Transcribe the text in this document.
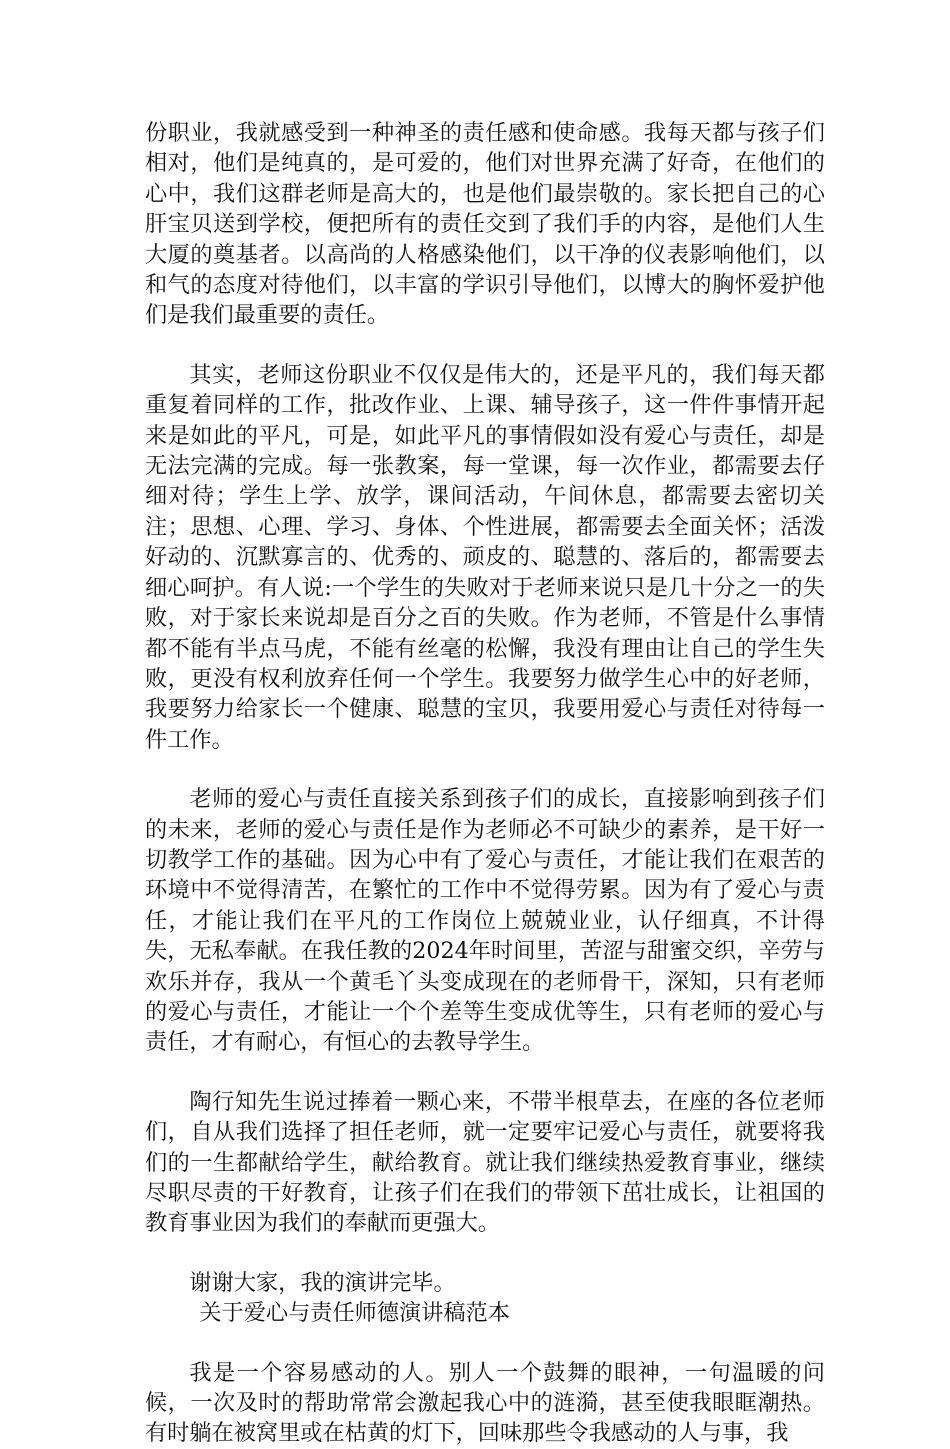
份职业，我就感受到一种神圣的责任感和使命感。我每天都与孩子们相对，他们是纯真的，是可爱的，他们对世界充满了好奇，在他们的心中，我们这群老师是高大的，也是他们最崇敬的。家长把自己的心肝宝贝送到学校，便把所有的责任交到了我们手的内容，是他们人生大厦的奠基者。以高尚的人格感染他们，以干净的仪表影响他们，以和气的态度对待他们，以丰富的学识引导他们，以博大的胸怀爱护他们是我们最重要的责任。

其实，老师这份职业不仅仅是伟大的，还是平凡的，我们每天都重复着同样的工作，批改作业、上课、辅导孩子，这一件件事情开起来是如此的平凡，可是，如此平凡的事情假如没有爱心与责任，却是无法完满的完成。每一张教案，每一堂课，每一次作业，都需要去仔细对待；学生上学、放学，课间活动，午间休息，都需要去密切关注；思想、心理、学习、身体、个性进展，都需要去全面关怀；活泼好动的、沉默寡言的、优秀的、顽皮的、聪慧的、落后的，都需要去细心呵护。有人说:一个学生的失败对于老师来说只是几十分之一的失败，对于家长来说却是百分之百的失败。作为老师，不管是什么事情都不能有半点马虎，不能有丝毫的松懈，我没有理由让自己的学生失败，更没有权利放弃任何一个学生。我要努力做学生心中的好老师，我要努力给家长一个健康、聪慧的宝贝，我要用爱心与责任对待每一件工作。

老师的爱心与责任直接关系到孩子们的成长，直接影响到孩子们的未来，老师的爱心与责任是作为老师必不可缺少的素养，是干好一切教学工作的基础。因为心中有了爱心与责任，才能让我们在艰苦的环境中不觉得清苦，在繁忙的工作中不觉得劳累。因为有了爱心与责任，才能让我们在平凡的工作岗位上兢兢业业，认仔细真，不计得失，无私奉献。在我任教的2024年时间里，苦涩与甜蜜交织，辛劳与欢乐并存，我从一个黄毛丫头变成现在的老师骨干，深知，只有老师的爱心与责任，才能让一个个差等生变成优等生，只有老师的爱心与责任，才有耐心，有恒心的去教导学生。

陶行知先生说过捧着一颗心来，不带半根草去，在座的各位老师们，自从我们选择了担任老师，就一定要牢记爱心与责任，就要将我们的一生都献给学生，献给教育。就让我们继续热爱教育事业，继续尽职尽责的干好教育，让孩子们在我们的带领下茁壮成长，让祖国的教育事业因为我们的奉献而更强大。

谢谢大家，我的演讲完毕。

关于爱心与责任师德演讲稿范本

我是一个容易感动的人。别人一个鼓舞的眼神，一句温暖的问候，一次及时的帮助常常会激起我心中的涟漪，甚至使我眼眶潮热。有时躺在被窝里或在枯黄的灯下，回味那些令我感动的人与事，我
